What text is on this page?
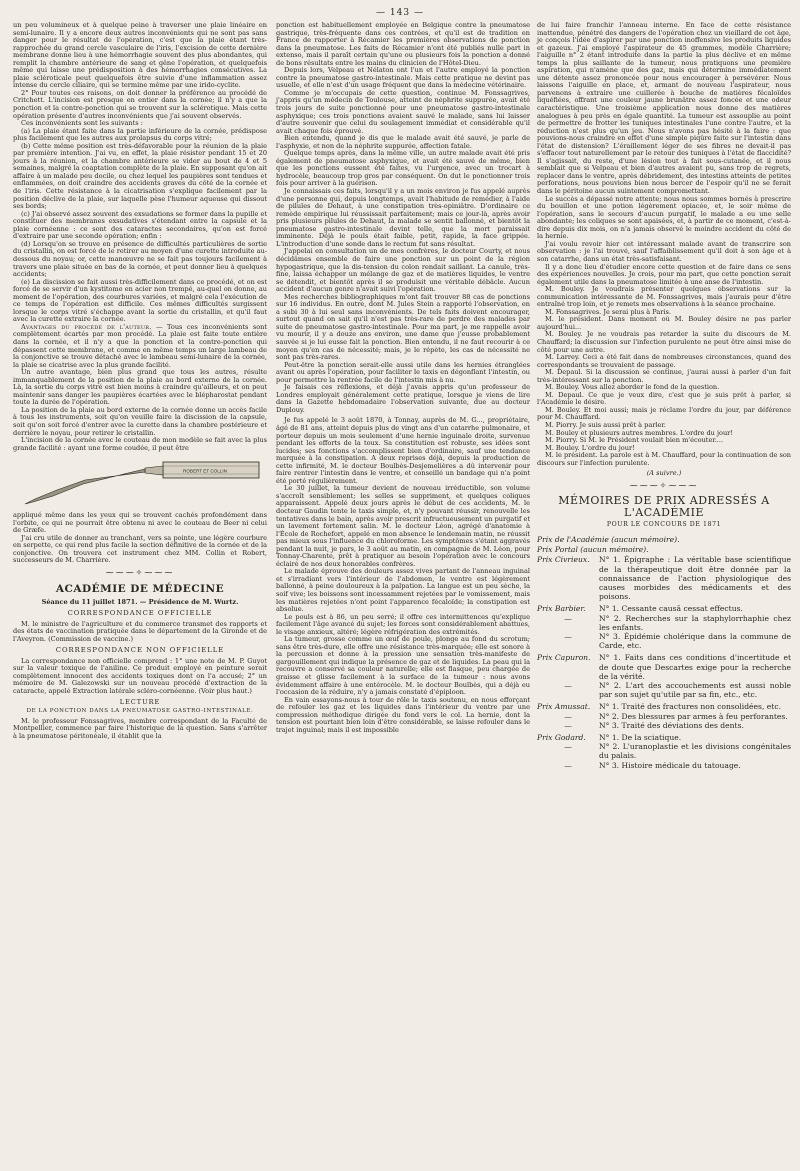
— 143 —

un peu volumineux et à quelque peine à traverser une plaie linéaire en semi-lunaire. Il y a encore deux autres inconvénients qui ne sont pas sans danger pour le résultat de l'opération, c'est que la plaie étant très-rapprochée du grand cercle vasculaire de l'iris, l'excision de cette dernière membrane donne lieu à une hémorrhagie souvent des plus abondantes, qui remplit la chambre antérieure de sang et gêne l'opération, et quelquefois même qui laisse une prédisposition à des hémorrhagies consécutives. La plaie scléroticale peut quelquefois être suivie d'une inflammation assez intense du cercle ciliaire, qui se termine même par une irido-cyclite.

2° Pour toutes ces raisons, on doit donner la préférence au procédé de Critchett. L'incision est presque en entier dans la cornée; il n'y a que la ponction et la contre-ponction qui se trouvent sur la sclérotique. Mais cette opération présente d'autres inconvénients que j'ai souvent observés.

Ces inconvénients sont les suivants :

(a) La plaie étant faite dans la partie inférieure de la cornée, prédispose plus facilement que les autres aux prolapsus du corps vitré;

(b) Cette même position est très-défavorable pour la réunion de la plaie par première intention. J'ai vu, en effet, la plaie résister pendant 15 et 20 jours à la réunion, et la chambre antérieure se vider au bout de 4 et 5 semaines, malgré la coaptation complète de la plaie. En supposant qu'on ait affaire à un malade peu docile, ou chez lequel les paupières sont tendues et enflammées, on doit craindre des accidents graves du côté de la cornée et de l'iris. Cette résistance à la cicatrisation s'explique facilement par la position déclive de la plaie, sur laquelle pèse l'humeur aqueuse qui dissout ses bords;

(c) J'ai observé assez souvent des exsudations se former dans la pupille et constituer des membranes exsudatives s'étendant entre la capsule et la plaie cornéenne : ce sont des cataractes secondaires, qu'on est forcé d'extraire par une seconde opération; enfin :

(d) Lorsqu'on se trouve en présence de difficultés particulières de sortie du cristallin, on est forcé de le retirer au moyen d'une curette introduite au-dessous du noyau; or, cette manœuvre ne se fait pas toujours facilement à travers une plaie située en bas de la cornée, et peut donner lieu à quelques accidents;

(e) La discission se fait aussi très-difficilement dans ce procédé, et on est forcé de se servir d'un kystitome en acier non trempé, au-quel on donne, au moment de l'opération, des courbures variées, et malgré cela l'exécution de ce temps de l'opération est difficile. Ces mêmes difficultés surgissent lorsque le corps vitré s'échappe avant la sortie du cristallin, et qu'il faut avec la curette extraire la cornée.

Avantages du procédé de l'auteur. — Tous ces inconvénients sont complètement écartés par mon procédé. La plaie est faite toute entière dans la cornée, et il n'y a que la ponction et la contre-ponction qui dépassent cette membrane, et comme en même temps un large lambeau de la conjonctive se trouve détaché avec le lambeau semi-lunaire de la cornée, la plaie se cicatrise avec la plus grande facilité.

Un autre avantage, bien plus grand que tous les autres, résulte immanquablement de la position de la plaie au bord externe de la cornée. Là, la sortie du corps vitré est bien moins à craindre qu'ailleurs, et on peut maintenir sans danger les paupières écartées avec le blépharostat pendant toute la durée de l'opération.

La position de la plaie au bord externe de la cornée donne un accès facile à tous les instruments, soit qu'on veuille faire la discission de la capsule, soit qu'on soit forcé d'entrer avec la curette dans la chambre postérieure et derrière le noyau, pour retirer le cristallin.

L'incision de la cornée avec le couteau de mon modèle se fait avec la plus grande facilité : ayant une forme coudée, il peut être

ROBERT ET COLLIN

appliqué même dans les yeux qui se trouvent cachés profondément dans l'orbite, ce qui ne pourrait être obtenu ni avec le couteau de Beer ni celui de Græfe.

J'ai cru utile de donner au tranchant, vers sa pointe, une légère courbure en serpette, ce qui rend plus facile la section définitive de la cornée et de la conjonctive. On trouvera cet instrument chez MM. Collin et Robert, successeurs de M. Charrière.

⁓⁓⁓✧⁓⁓⁓
ACADÉMIE DE MÉDECINE

Séance du 11 juillet 1871. — Présidence de M. Wurtz.

CORRESPONDANCE OFFICIELLE

M. le ministre de l'agriculture et du commerce transmet des rapports et des états de vaccination pratiquée dans le département de la Gironde et de l'Aveyron. (Commission de vaccine.)

CORRESPONDANCE NON OFFICIELLE

La correspondance non officielle comprend : 1° une note de M. P. Guyot sur la valeur toxique de l'aniline. Ce produit employé en peinture serait complètement innocent des accidents toxiques dont on l'a accusé; 2° un mémoire de M. Galezowski sur un nouveau procédé d'extraction de la cataracte, appelé Extraction latérale scléro-cornéenne. (Voir plus haut.)

LECTURE
DE LA PONCTION DANS LA PNEUMATOSE GASTRO-INTESTINALE.

M. le professeur Fonssagrives, membre correspondant de la Faculté de Montpellier, commence par faire l'historique de la question. Sans s'arrêter à la pneumatose péritonéale, il établit que la

ponction est habituellement employée en Belgique contre la pneumatose gastrique, très-fréquente dans ces contrées, et qu'il est de tradition en France de rapporter à Récamier les premières observations de ponction dans la pneumatose. Les faits de Récamier n'ont été publiés nulle part in extenso, mais il paraît certain qu'une ou plusieurs fois la ponction a donné de bons résultats entre les mains du clinicien de l'Hôtel-Dieu.

Depuis lors, Velpeau et Nélaton ont l'un et l'autre employé la ponction contre la pneumatose gastro-intestinale. Mais cette pratique ne devint pas usuelle, et elle n'est d'un usage fréquent que dans la médecine vétérinaire.

Comme je m'occupais de cette question, continue M. Fonssagrives, j'appris qu'un médecin de Toulouse, atteint de néphrite suppurée, avait été trois jours de suite ponctionné pour une pneumatose gastro-intestinale asphyxique; ces trois ponctions avaient sauvé le malade, sans lui laisser d'autre souvenir que celui du soulagement immédiat et considérable qu'il avait chaque fois éprouvé.

Bien entendu, quand je dis que le malade avait été sauvé, je parle de l'asphyxie, et non de la néphrite suppurée, affection fatale.

Quelque temps après, dans la même ville, un autre malade avait été pris également de pneumatose asphyxique, et avait été sauvé de même, bien que les ponctions eussent été faites, vu l'urgence, avec un trocart à hydrocèle, beaucoup trop gros par conséquent. On dut le ponctionner trois fois pour arriver à la guérison.

Je connaissais ces faits, lorsqu'il y a un mois environ je fus appelé auprès d'une personne qui, depuis longtemps, avait l'habitude de remédier, à l'aide de pilules de Dehaut, à une constipation très-opiniâtre. D'ordinaire ce remède empirique lui réussissait parfaitement; mais ce jour-là, après avoir pris plusieurs pilules de Dehaut, la malade se sentit ballonné, et bientôt la pneumatose gastro-intestinale devint telle, que la mort paraissait imminente. Déjà le pouls était faible, petit, rapide, la face grippée. L'introduction d'une sonde dans le rectum fut sans résultat.

J'appelai en consultation un de mes confrères, le docteur Courty, et nous décidâmes ensemble de faire une ponction sur un point de la région hypogastrique, que la dis-tension du colon rendait saillant. La canule, très-fine, laissa échapper un mélange de gaz et de matières liquides, le ventre se détendit, et bientôt après il se produisit une véritable débâcle. Aucun accident d'aucun genre n'avait suivi l'opération.

Mes recherches bibliographiques m'ont fait trouver 88 cas de ponctions sur 16 individus. En outre, dont M. Jules Stein a rapporté l'observation, en a subi 30 à lui seul sans inconvénients. De tels faits doivent encourager, surtout quand on sait qu'il n'est pas très-rare de perdre des malades par suite de pneumatose gastro-intestinale. Pour ma part, je me rappelle avoir vu mourir, il y a douze ans environ, une dame que j'eusse probablement sauvée si je lui eusse fait la ponction. Bien entendu, il ne faut recourir à ce moyen qu'en cas de nécessité; mais, je le répète, les cas de nécessité ne sont pas très-rares.

Peut-être la ponction serait-elle aussi utile dans les hernies étranglées avant ou après l'opération, pour faciliter le taxis en dégonflant l'intestin, ou pour permettre la rentrée facile de l'intestin mis à nu.

Je faisais ces réflexions, et déjà j'avais appris qu'un professeur de Londres employait généralement cette pratique, lorsque je viens de lire dans la Gazette hebdomadaire l'observation suivante, due au docteur Duplouy.

Je fus appelé le 3 août 1870, à Tonnay, auprès de M. G..., propriétaire, âgé de 81 ans, atteint depuis plus de vingt ans d'un catarrhe pulmonaire, et porteur depuis un mois seulement d'une hernie inguinale droite, survenue pendant les efforts de la toux. Sa constitution est robuste, ses idées sont lucides; ses fonctions s'accomplissent bien d'ordinaire, sauf une tendance marquée à la constipation. A deux reprises déjà, depuis la production de cette infirmité, M. le docteur Boulbès-Desjemelières a dû intervenir pour faire rentrer l'intestin dans le ventre, et conseillé un bandage qui n'a point été porté régulièrement.

Le 30 juillet, la tumeur devient de nouveau irréductible, son volume s'accroît sensiblement; les selles se suppriment, et quelques coliques apparaissent. Appelé deux jours après le début de ces accidents, M. le docteur Gaudin tente le taxis simple, et, n'y pouvant réussir, renouvelle les tentatives dans le bain, après avoir prescrit infructueusement un purgatif et un lavement fortement salin. M. le docteur Léon, agrégé d'anatomie à l'École de Rochefort, appelé en mon absence le lendemain matin, ne réussit pas mieux sous l'influence du chloroforme. Les symptômes s'étant aggravés pendant la nuit, je pars, le 3 août au matin, en compagnie de M. Léon, pour Tonnay-Charente, prêt à pratiquer au besoin l'opération avec le concours éclairé de nos deux honorables confrères.

Le malade éprouve des douleurs assez vives partant de l'anneau inguinal et s'irradiant vers l'intérieur de l'abdomen, le ventre est légèrement ballonné, à peine douloureux à la palpation. La langue est un peu sèche, la soif vive; les boissons sont incessamment rejetées par le vomissement, mais les matières rejetées n'ont point l'apparence fécaloïde; la constipation est absolue.

Le pouls est à 86, un peu serré; il offre ces intermittences qu'explique facilement l'âge avancé du sujet; les forces sont considérablement abattues, le visage anxieux, altéré; légère réfrigération des extrémités.

La tumeur, grosse comme un œuf de poule, plonge au fond du scrotum; sans être très-dure, elle offre une résistance très-marquée; elle est sonore à la percussion et donne à la pression une sensation très-manifeste de gargouillement qui indique la présence de gaz et de liquides. La peau qui la recouvre a conservé sa couleur naturelle; elle est flasque, peu chargée de graisse et glisse facilement à la surface de la tumeur : nous avons évidemment affaire à une entérocèle. M. le docteur Boulbès, qui a déjà eu l'occasion de la réduire, n'y a jamais constaté d'épiploon.

En vain essayons-nous à tour de rôle le taxis soutenu, en nous efforçant de refouler les gaz et les liquides dans l'intérieur du ventre par une compression méthodique dirigée du fond vers le col. La hernie, dont la tension est pourtant bien loin d'être considérable, se laisse refouler dans le trajet inguinal; mais il est impossible

de lui faire franchir l'anneau interne. En face de cette résistance inattendue, pénétré des dangers de l'opération chez un vieillard de cet âge, je conçois l'idée d'aspirer par une ponction inoffensive les produits liquides et gazeux. J'ai employé l'aspirateur de 45 grammes, modèle Charrière; l'aiguille n° 2 étant introduite dans la partie la plus déclive et en même temps la plus saillante de la tumeur, nous pratiquons une première aspiration, qui n'amène que des gaz, mais qui détermine immédiatement une détente assez prononcée pour nous encourager à persévérer. Nous laissons l'aiguille en place, et, armant de nouveau l'aspirateur, nous parvenons à extraire une cuillerée à bouche de matières fécaloïdes liquéfiées, offrant une couleur jaune brunâtre assez foncée et une odeur caractéristique. Une troisième application nous donne des matières analogues à peu près en égale quantité. La tumeur est assouplie au point de permettre de frotter les tuniques intestinales l'une contre l'autre, et la réduction n'est plus qu'un jeu. Nous n'avons pas hésité à la faire : que pouvions-nous craindre en effet d'une simple piqûre faite sur l'intestin dans l'état de distension? L'éraillement léger de ses fibres ne devait-il pas s'effacer tout naturellement par le retour des tuniques à l'état de flaccidité? Il s'agissait, du reste, d'une lésion tout à fait sous-cutanée, et il nous semblait que si Velpeau et bien d'autres avaient pu, sans trop de regrets, replacer dans le ventre, après débridement, des intestins atteints de petites perforations, nous pouvions bien nous bercer de l'espoir qu'il ne se ferait dans le péritoine aucun suintement compromettant.

Le succès a dépassé notre attente; nous nous sommes bornés à prescrire du bouillon et une potion légèrement opiacée, et, le soir même de l'opération, sans le secours d'aucun purgatif, le malade a eu une selle abondante; les coliques se sont apaisées, et, à partir de ce moment, c'est-à-dire depuis dix mois, on n'a jamais observé le moindre accident du côté de la hernie.

J'ai voulu revoir hier cet intéressant malade avant de transcrire son observation : je l'ai trouvé, sauf l'affaiblissement qu'il doit à son âge et à son catarrhe, dans un état très-satisfaisant.

Il y a donc lieu d'étudier encore cette question et de faire dans ce sens des expériences nouvelles. Je crois, pour ma part, que cette ponction serait également utile dans la pneumatose limitée à une anse de l'intestin.

M. Bouley. Je voudrais présenter quelques observations sur la communication intéressante de M. Fonssagrives, mais j'aurais peur d'être entraîné trop loin, et je remets mes observations à la séance prochaine.

M. Fonssagrives. Je serai plus à Paris.

M. le président. Dans moment où M. Bouley désire ne pas parler aujourd'hui...

M. Bouley. Je ne voudrais pas retarder la suite du discours de M. Chauffard; la discussion sur l'infection purulente ne peut être ainsi mise de côté pour une autre.

M. Larrey. Ceci a été fait dans de nombreuses circonstances, quand des correspondants se trouvaient de passage.

M. Depaul. Si la discussion se continue, j'aurai aussi à parler d'un fait très-intéressant sur la ponction.

M. Bouley. Vous allez aborder le fond de la question.

M. Depaul. Ce que je veux dire, c'est que je suis prêt à parler, si l'Académie le désire.

M. Bouley. Et moi aussi; mais je réclame l'ordre du jour, par déférence pour M. Chauffard.

M. Piorry. Je suis aussi prêt à parler.

M. Bouley et plusieurs autres membres. L'ordre du jour!

M. Piorry. Si M. le Président voulait bien m'écouter....

M. Bouley. L'ordre du jour!

M. le président. La parole est à M. Chauffard, pour la continuation de son discours sur l'infection purulente.

(A suivre.)
⁓⁓⁓✧⁓⁓⁓
MÉMOIRES DE PRIX ADRESSÉS A L'ACADÉMIE
POUR LE CONCOURS DE 1871
Prix de l'Académie (aucun mémoire).
Prix Portal (aucun mémoire).
Prix Civrieux.	N° 1. Épigraphe : La véritable base scientifique de la thérapeutique doit être donnée par la connaissance de l'action physiologique des causes morbides des médicaments et des poisons.
Prix Barbier.	N° 1. Cessante causâ cessat effectus.
—	N° 2. Recherches sur la staphylorrhaphie chez les enfants.
—	N° 3. Épidémie cholérique dans la commune de Carde, etc.
Prix Capuron.	N° 1. Faits dans ces conditions d'incertitude et de doute que Descartes exige pour la recherche de la vérité.
—	N° 2. L'art des accouchements est aussi noble par son sujet qu'utile par sa fin, etc., etc.
Prix Amussat.	N° 1. Traité des fractures non consolidées, etc.
—	N° 2. Des blessures par armes à feu perforantes.
—	N° 3. Traité des déviations des dents.
Prix Godard.	N° 1. De la sciatique.
—	N° 2. L'uranoplastie et les divisions congénitales du palais.
—	N° 3. Histoire médicale du tatouage.
